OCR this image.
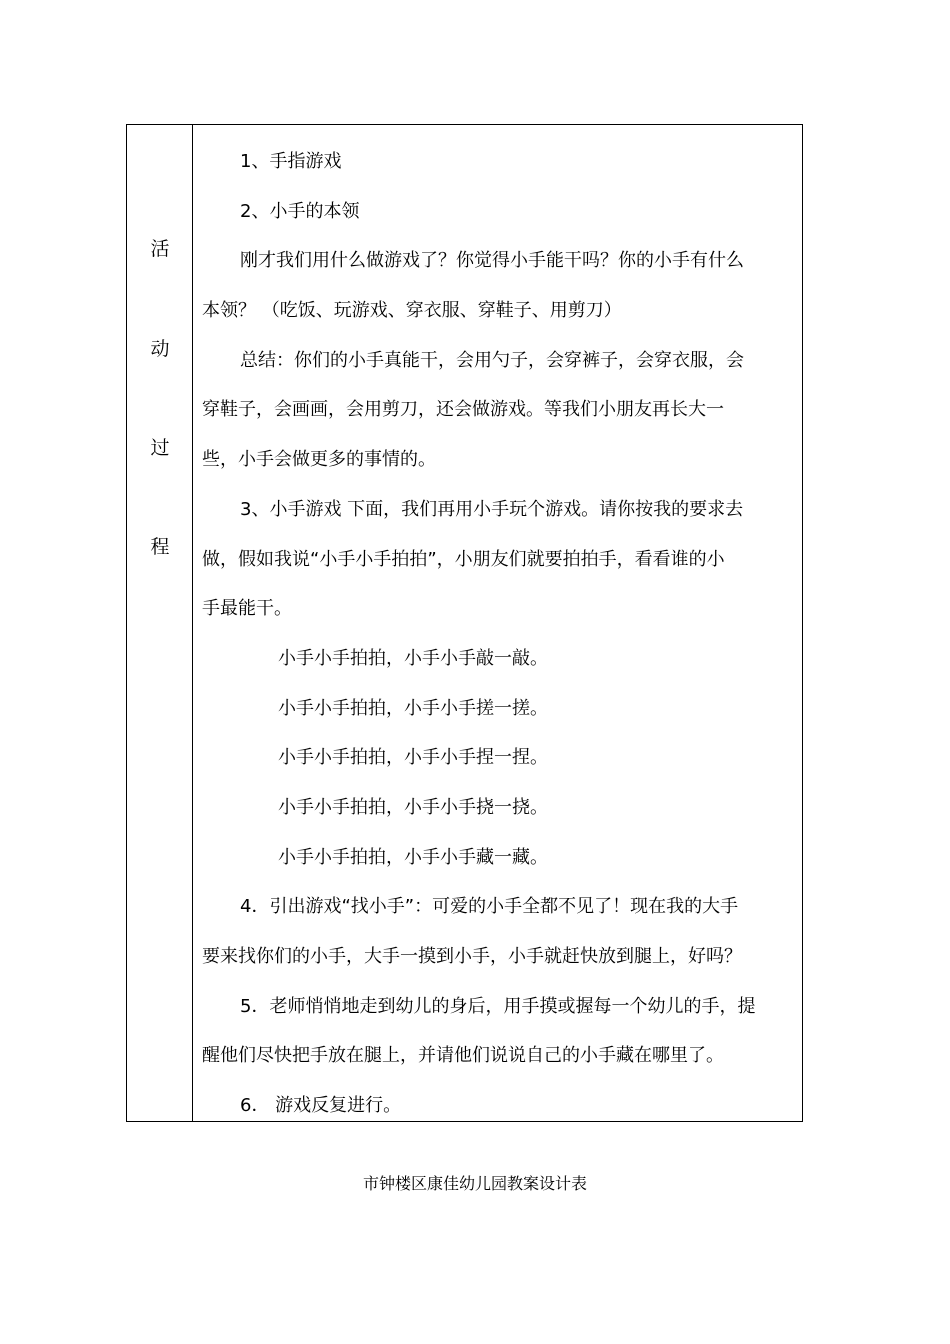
活
动
过
程
1、手指游戏
2、小手的本领
刚才我们用什么做游戏了？你觉得小手能干吗？你的小手有什么
本领？ （吃饭、玩游戏、穿衣服、穿鞋子、用剪刀）
总结：你们的小手真能干，会用勺子，会穿裤子，会穿衣服，会
穿鞋子，会画画，会用剪刀，还会做游戏。等我们小朋友再长大一
些，小手会做更多的事情的。
3、小手游戏 下面，我们再用小手玩个游戏。请你按我的要求去
做，假如我说“小手小手拍拍”，小朋友们就要拍拍手，看看谁的小
手最能干。
小手小手拍拍，小手小手敲一敲。
小手小手拍拍，小手小手搓一搓。
小手小手拍拍，小手小手捏一捏。
小手小手拍拍，小手小手挠一挠。
小手小手拍拍，小手小手藏一藏。
4．引出游戏“找小手”：可爱的小手全都不见了！现在我的大手
要来找你们的小手，大手一摸到小手，小手就赶快放到腿上，好吗？
5．老师悄悄地走到幼儿的身后，用手摸或握每一个幼儿的手，提
醒他们尽快把手放在腿上，并请他们说说自己的小手藏在哪里了。
6． 游戏反复进行。
市钟楼区康佳幼儿园教案设计表
